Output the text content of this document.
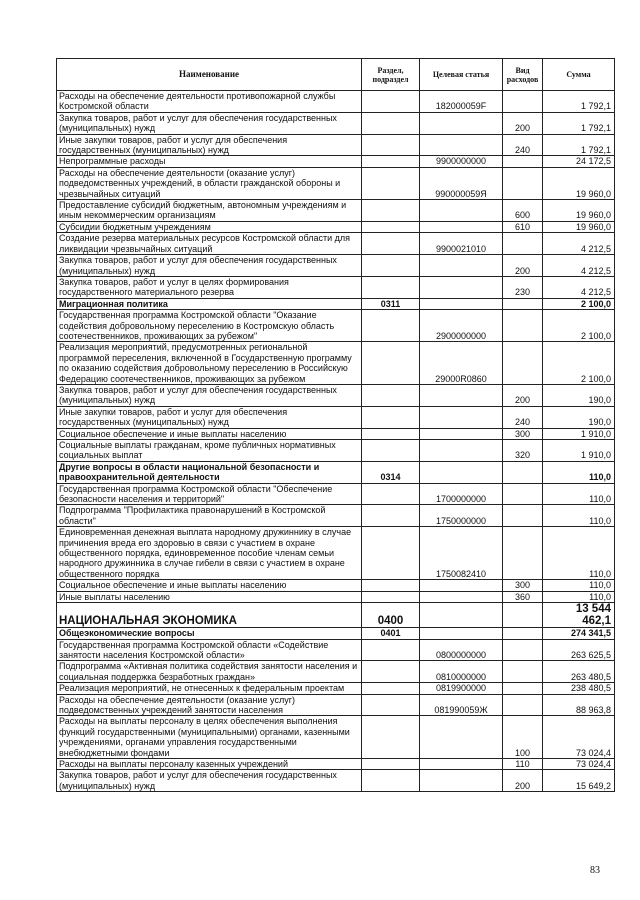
Наименование	Раздел, подраздел	Целевая статья	Вид расходов	Сумма
Расходы на обеспечение деятельности противопожарной службы Костромской области		182000059F		1 792,1
Закупка товаров, работ и услуг для обеспечения государственных (муниципальных) нужд			200	1 792,1
Иные закупки товаров, работ и услуг для обеспечения государственных (муниципальных) нужд			240	1 792,1
Непрограммные расходы		9900000000		24 172,5
Расходы на обеспечение деятельности (оказание услуг) подведомственных учреждений, в области гражданской обороны и чрезвычайных ситуаций		990000059Я		19 960,0
Предоставление субсидий бюджетным, автономным учреждениям и иным некоммерческим организациям			600	19 960,0
Субсидии бюджетным учреждениям			610	19 960,0
Создание резерва материальных ресурсов Костромской области для ликвидации чрезвычайных ситуаций		9900021010		4 212,5
Закупка товаров, работ и услуг для обеспечения государственных (муниципальных) нужд			200	4 212,5
Закупка товаров, работ и услуг в целях формирования государственного материального резерва			230	4 212,5
Миграционная политика	0311			2 100,0
Государственная программа Костромской области "Оказание содействия добровольному переселению в Костромскую область соотечественников, проживающих за рубежом"		2900000000		2 100,0
Реализация мероприятий, предусмотренных региональной программой переселения, включенной в Государственную программу по оказанию содействия добровольному переселению в Российскую Федерацию соотечественников, проживающих за рубежом		29000R0860		2 100,0
Закупка товаров, работ и услуг для обеспечения государственных (муниципальных) нужд			200	190,0
Иные закупки товаров, работ и услуг для обеспечения государственных (муниципальных) нужд			240	190,0
Социальное обеспечение и иные выплаты населению			300	1 910,0
Социальные выплаты гражданам, кроме публичных нормативных социальных выплат			320	1 910,0
Другие вопросы в области национальной безопасности и правоохранительной деятельности	0314			110,0
Государственная программа Костромской области "Обеспечение безопасности населения и территорий"		1700000000		110,0
Подпрограмма "Профилактика правонарушений в Костромской области"		1750000000		110,0
Единовременная денежная выплата народному дружиннику в случае причинения вреда его здоровью в связи с участием в охране общественного порядка, единовременное пособие членам семьи народного дружинника в случае гибели в связи с участием в охране общественного порядка		1750082410		110,0
Социальное обеспечение и иные выплаты населению			300	110,0
Иные выплаты населению			360	110,0
НАЦИОНАЛЬНАЯ ЭКОНОМИКА	0400			13 544 462,1
Общеэкономические вопросы	0401			274 341,5
Государственная программа Костромской области «Содействие занятости населения Костромской области»		0800000000		263 625,5
Подпрограмма «Активная политика содействия занятости населения и социальная поддержка безработных граждан»		0810000000		263 480,5
Реализация мероприятий, не отнесенных к федеральным проектам		0819900000		238 480,5
Расходы на обеспечение деятельности (оказание услуг) подведомственных учреждений занятости населения		081990059Ж		88 963,8
Расходы на выплаты персоналу в целях обеспечения выполнения функций государственными (муниципальными) органами, казенными учреждениями, органами управления государственными внебюджетными фондами			100	73 024,4
Расходы на выплаты персоналу казенных учреждений			110	73 024,4
Закупка товаров, работ и услуг для обеспечения государственных (муниципальных) нужд			200	15 649,2
83
